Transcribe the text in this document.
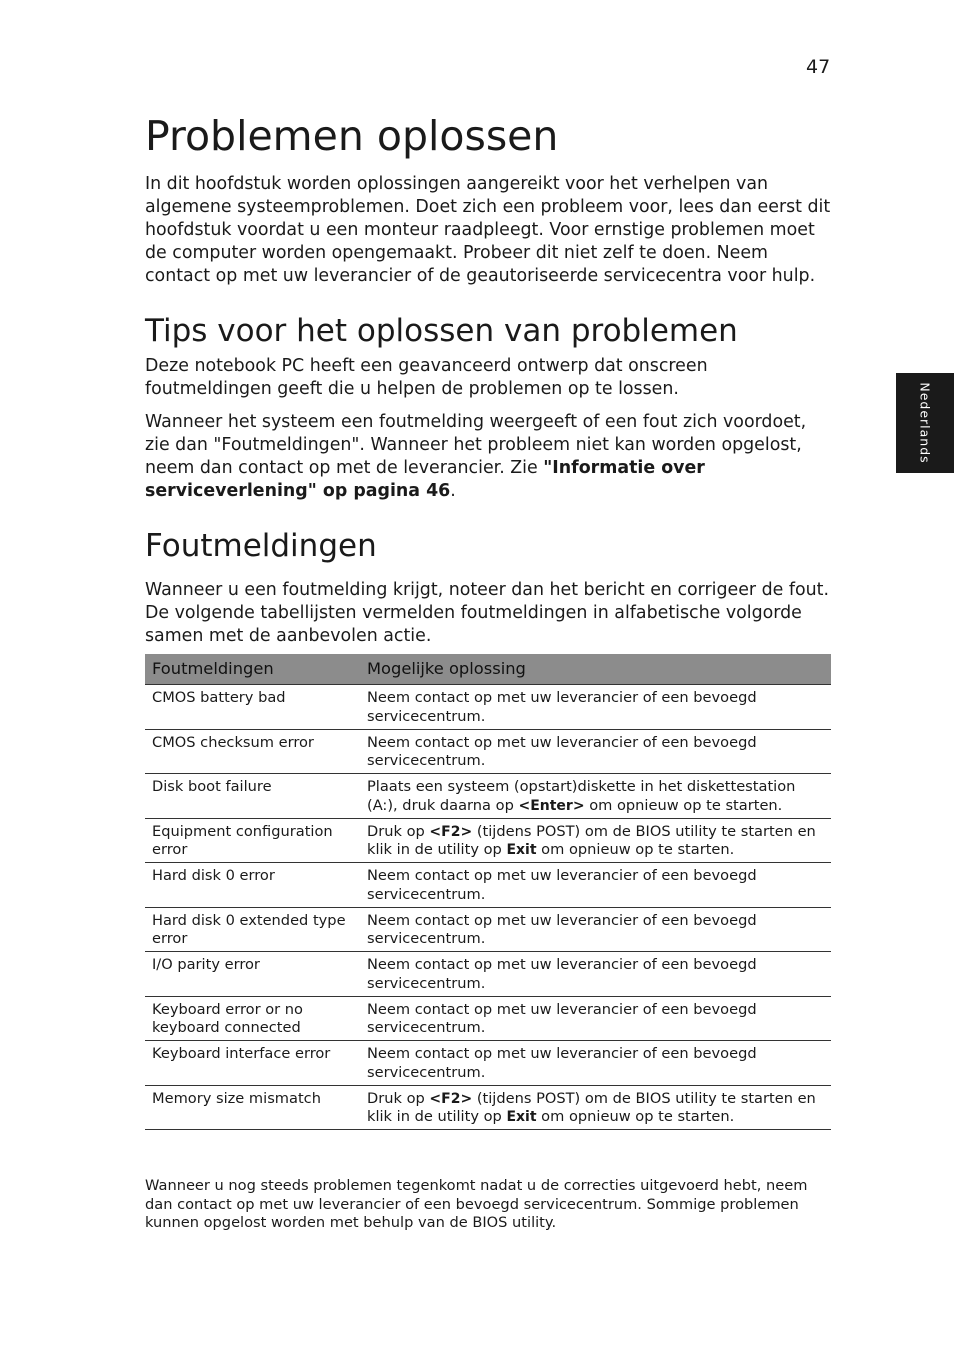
47
Nederlands
Problemen oplossen

In dit hoofdstuk worden oplossingen aangereikt voor het verhelpen van algemene systeemproblemen. Doet zich een probleem voor, lees dan eerst dit hoofdstuk voordat u een monteur raadpleegt. Voor ernstige problemen moet de computer worden opengemaakt. Probeer dit niet zelf te doen. Neem contact op met uw leverancier of de geautoriseerde servicecentra voor hulp.

Tips voor het oplossen van problemen

Deze notebook PC heeft een geavanceerd ontwerp dat onscreen foutmeldingen geeft die u helpen de problemen op te lossen.

Wanneer het systeem een foutmelding weergeeft of een fout zich voordoet, zie dan "Foutmeldingen". Wanneer het probleem niet kan worden opgelost, neem dan contact op met de leverancier. Zie "Informatie over serviceverlening" op pagina 46.

Foutmeldingen

Wanneer u een foutmelding krijgt, noteer dan het bericht en corrigeer de fout. De volgende tabellijsten vermelden foutmeldingen in alfabetische volgorde samen met de aanbevolen actie.

Foutmeldingen	Mogelijke oplossing
CMOS battery bad	Neem contact op met uw leverancier of een bevoegd servicecentrum.
CMOS checksum error	Neem contact op met uw leverancier of een bevoegd servicecentrum.
Disk boot failure	Plaats een systeem (opstart)diskette in het diskettestation (A:), druk daarna op <Enter> om opnieuw op te starten.
Equipment configuration error	Druk op <F2> (tijdens POST) om de BIOS utility te starten en klik in de utility op Exit om opnieuw op te starten.
Hard disk 0 error	Neem contact op met uw leverancier of een bevoegd servicecentrum.
Hard disk 0 extended type error	Neem contact op met uw leverancier of een bevoegd servicecentrum.
I/O parity error	Neem contact op met uw leverancier of een bevoegd servicecentrum.
Keyboard error or no keyboard connected	Neem contact op met uw leverancier of een bevoegd servicecentrum.
Keyboard interface error	Neem contact op met uw leverancier of een bevoegd servicecentrum.
Memory size mismatch	Druk op <F2> (tijdens POST) om de BIOS utility te starten en klik in de utility op Exit om opnieuw op te starten.

Wanneer u nog steeds problemen tegenkomt nadat u de correcties uitgevoerd hebt, neem dan contact op met uw leverancier of een bevoegd servicecentrum. Sommige problemen kunnen opgelost worden met behulp van de BIOS utility.
